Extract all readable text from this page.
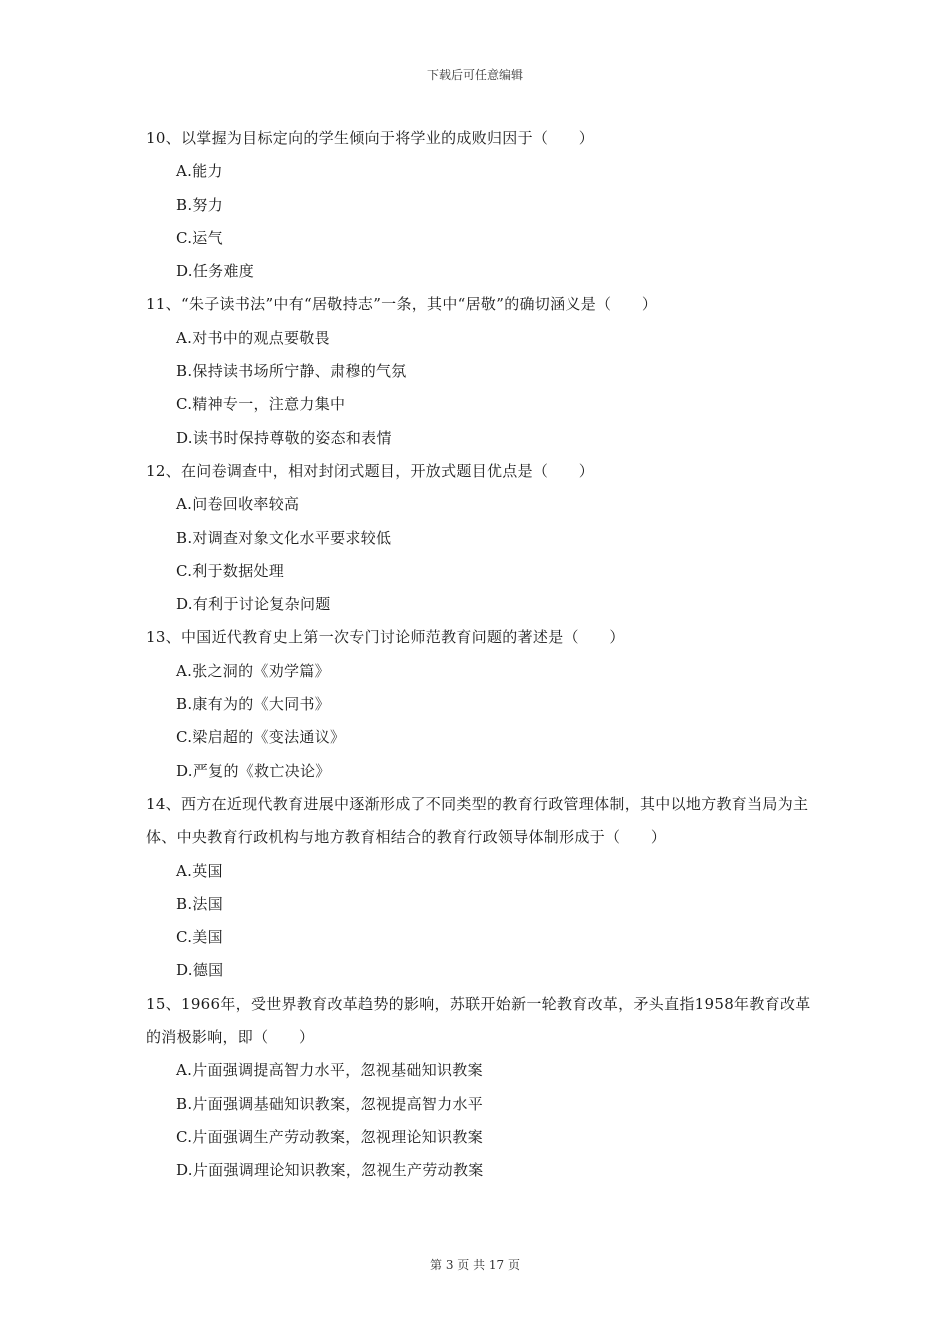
下载后可任意编辑

10、以掌握为目标定向的学生倾向于将学业的成败归因于（　　）

A.能力

B.努力

C.运气

D.任务难度

11、“朱子读书法”中有“居敬持志”一条，其中“居敬”的确切涵义是（　　）

A.对书中的观点要敬畏

B.保持读书场所宁静、肃穆的气氛

C.精神专一，注意力集中

D.读书时保持尊敬的姿态和表情

12、在问卷调查中，相对封闭式题目，开放式题目优点是（　　）

A.问卷回收率较高

B.对调查对象文化水平要求较低

C.利于数据处理

D.有利于讨论复杂问题

13、中国近代教育史上第一次专门讨论师范教育问题的著述是（　　）

A.张之洞的《劝学篇》

B.康有为的《大同书》

C.梁启超的《变法通议》

D.严复的《救亡决论》

14、西方在近现代教育进展中逐渐形成了不同类型的教育行政管理体制，其中以地方教育当局为主体、中央教育行政机构与地方教育相结合的教育行政领导体制形成于（　　）

A.英国

B.法国

C.美国

D.德国

15、1966年，受世界教育改革趋势的影响，苏联开始新一轮教育改革，矛头直指1958年教育改革的消极影响，即（　　）

A.片面强调提高智力水平，忽视基础知识教案

B.片面强调基础知识教案，忽视提高智力水平

C.片面强调生产劳动教案，忽视理论知识教案

D.片面强调理论知识教案，忽视生产劳动教案

第 3 页 共 17 页
